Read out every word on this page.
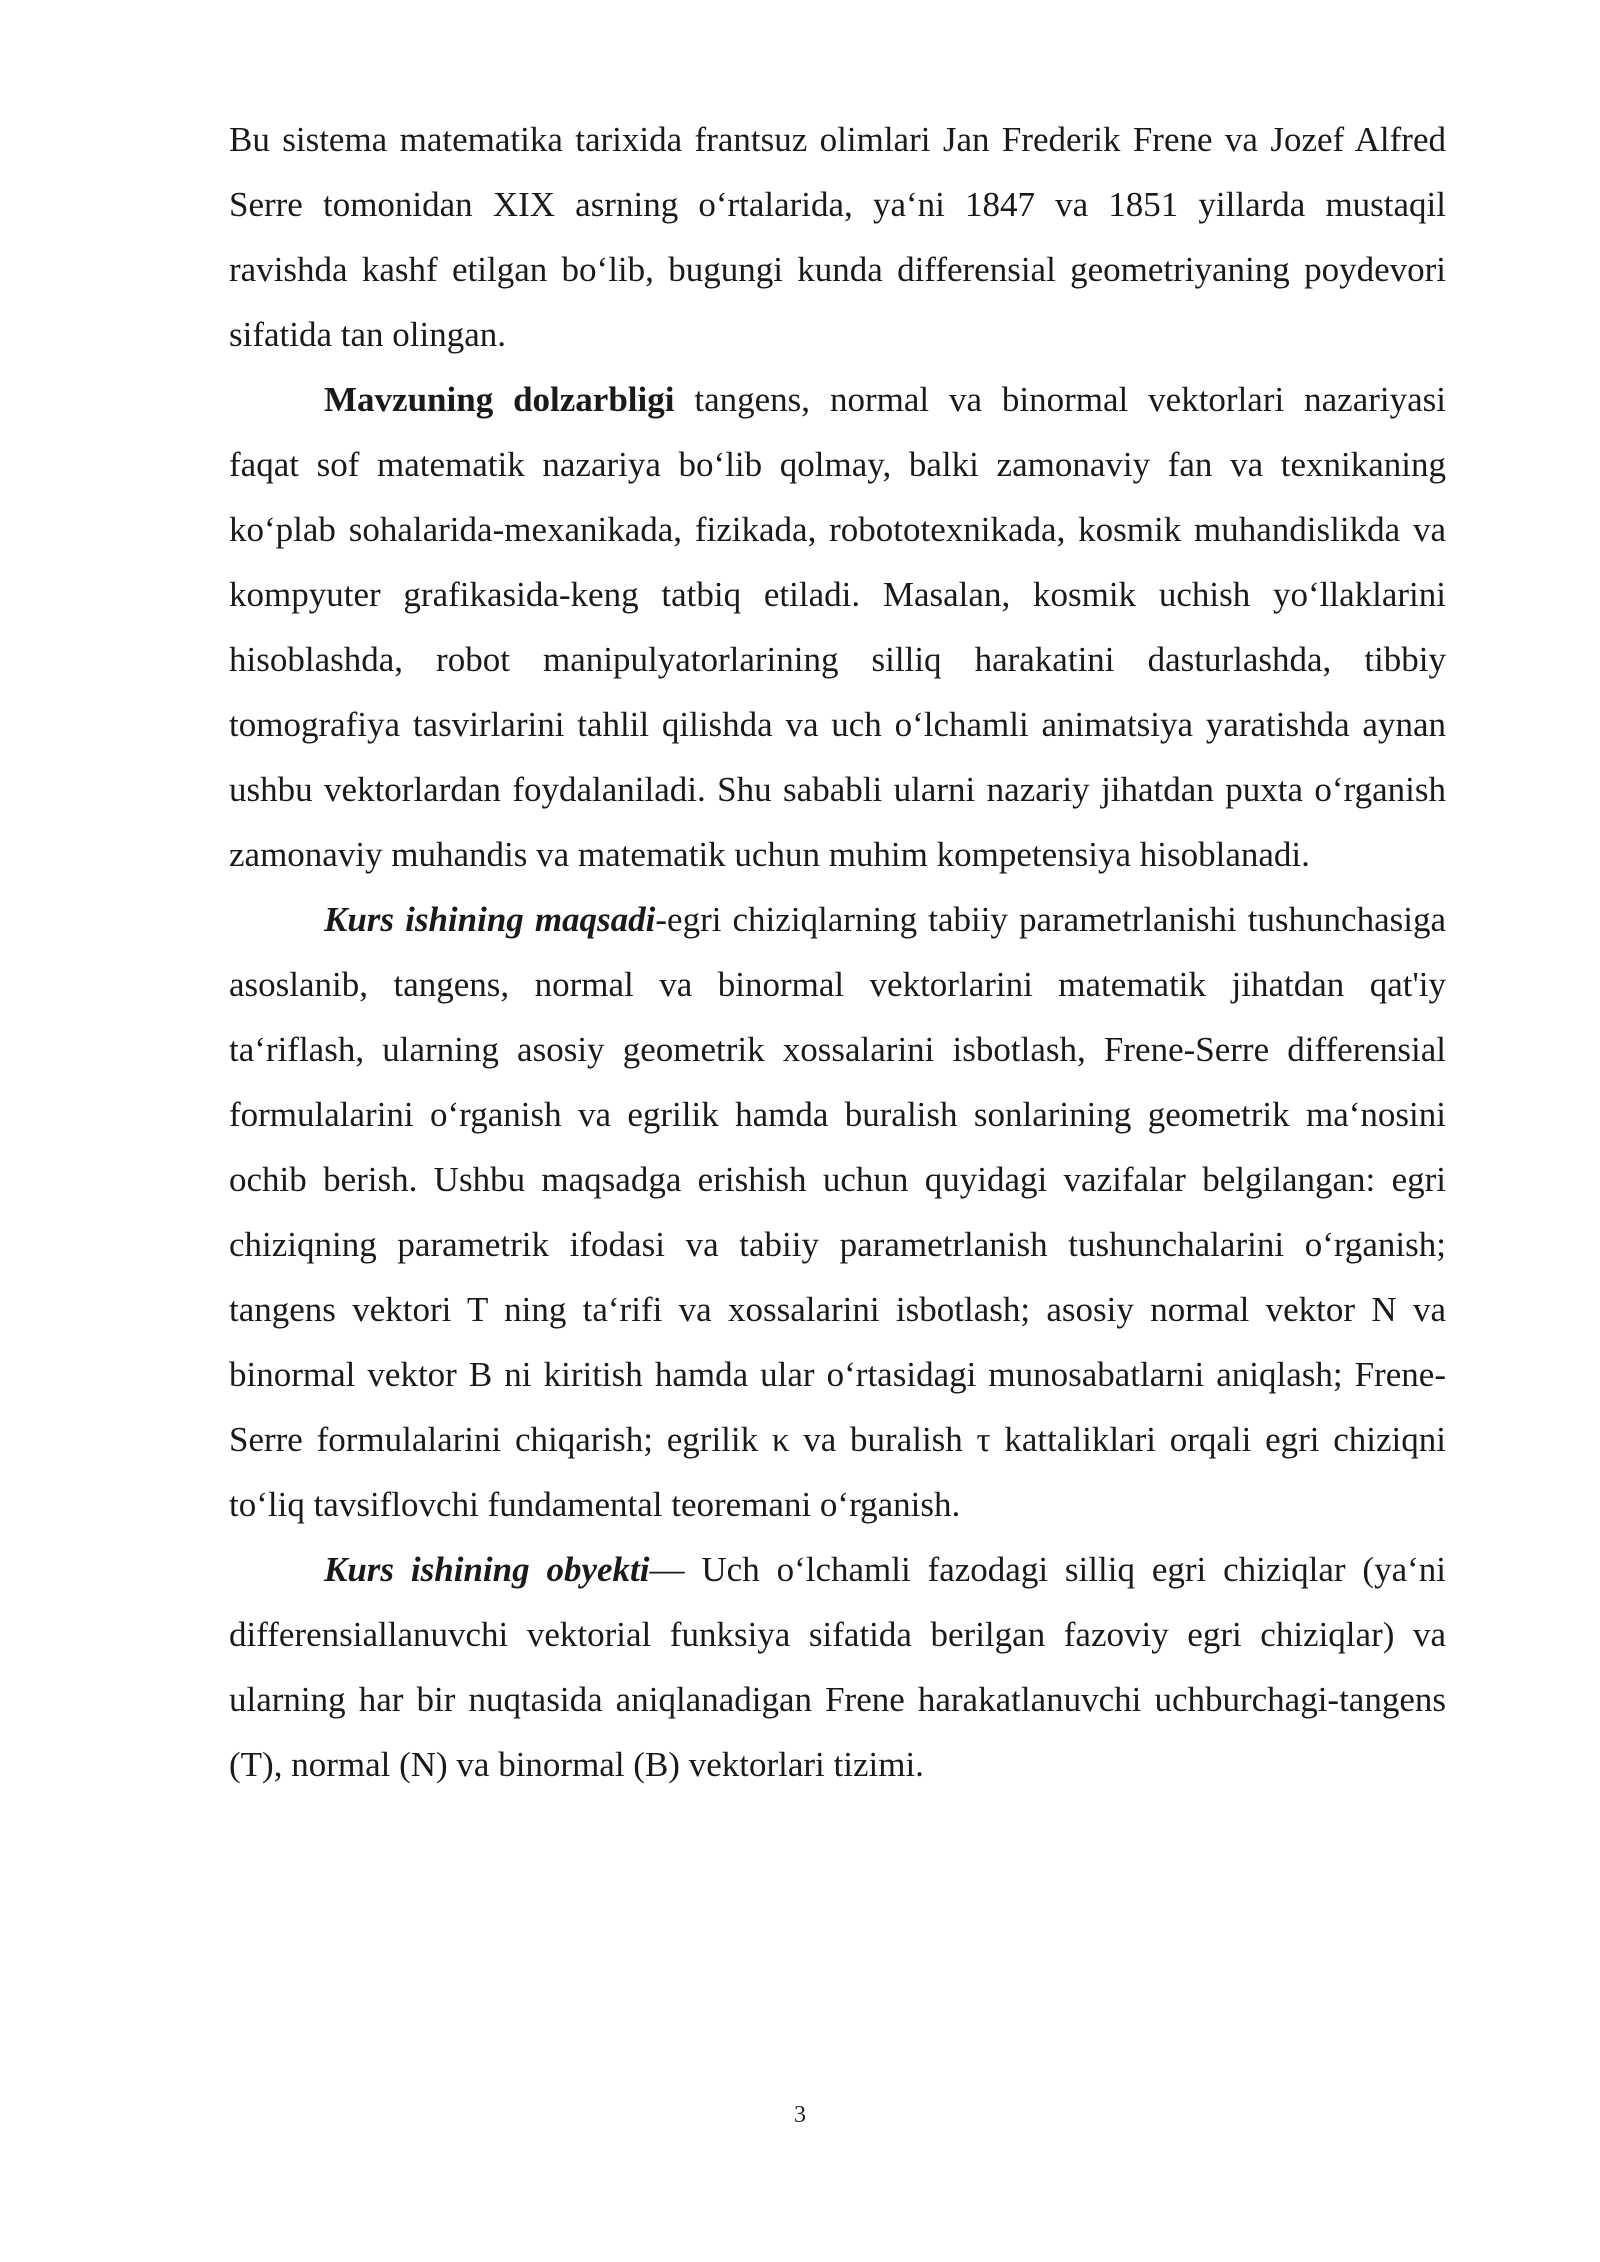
Bu sistema matematika tarixida frantsuz olimlari Jan Frederik Frene va Jozef Alfred Serre tomonidan XIX asrning o‘rtalarida, ya‘ni 1847 va 1851 yillarda mustaqil ravishda kashf etilgan bo‘lib, bugungi kunda differensial geometriyaning poydevori sifatida tan olingan.

Mavzuning dolzarbligi tangens, normal va binormal vektorlari nazariyasi faqat sof matematik nazariya bo‘lib qolmay, balki zamonaviy fan va texnikaning ko‘plab sohalarida-mexanikada, fizikada, robototexnikada, kosmik muhandislikda va kompyuter grafikasida-keng tatbiq etiladi. Masalan, kosmik uchish yo‘llaklarini hisoblashda, robot manipulyatorlarining silliq harakatini dasturlashda, tibbiy tomografiya tasvirlarini tahlil qilishda va uch o‘lchamli animatsiya yaratishda aynan ushbu vektorlardan foydalaniladi. Shu sababli ularni nazariy jihatdan puxta o‘rganish zamonaviy muhandis va matematik uchun muhim kompetensiya hisoblanadi.

Kurs ishining maqsadi-egri chiziqlarning tabiiy parametrlanishi tushunchasiga asoslanib, tangens, normal va binormal vektorlarini matematik jihatdan qat'iy ta‘riflash, ularning asosiy geometrik xossalarini isbotlash, Frene-Serre differensial formulalarini o‘rganish va egrilik hamda buralish sonlarining geometrik ma‘nosini ochib berish. Ushbu maqsadga erishish uchun quyidagi vazifalar belgilangan: egri chiziqning parametrik ifodasi va tabiiy parametrlanish tushunchalarini o‘rganish; tangens vektori T ning ta‘rifi va xossalarini isbotlash; asosiy normal vektor N va binormal vektor B ni kiritish hamda ular o‘rtasidagi munosabatlarni aniqlash; Frene-Serre formulalarini chiqarish; egrilik κ va buralish τ kattaliklari orqali egri chiziqni to‘liq tavsiflovchi fundamental teoremani o‘rganish.

Kurs ishining obyekti— Uch o‘lchamli fazodagi silliq egri chiziqlar (ya‘ni differensiallanuvchi vektorial funksiya sifatida berilgan fazoviy egri chiziqlar) va ularning har bir nuqtasida aniqlanadigan Frene harakatlanuvchi uchburchagi-tangens (T), normal (N) va binormal (B) vektorlari tizimi.

3
